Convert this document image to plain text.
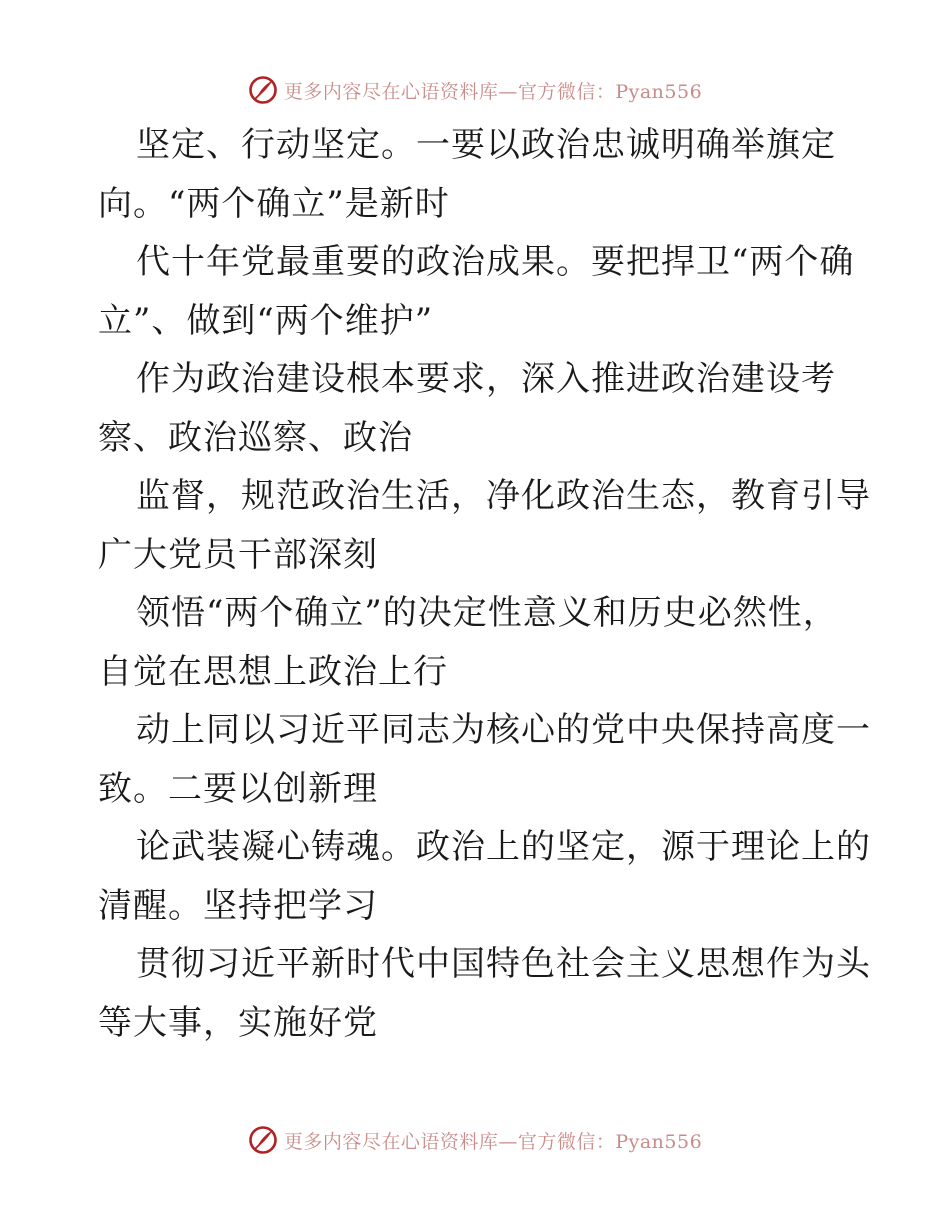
更多内容尽在心语资料库—官方微信：Pyan556
坚定、行动坚定。一要以政治忠诚明确举旗定
向。“两个确立”是新时
代十年党最重要的政治成果。要把捍卫“两个确
立”、做到“两个维护”
作为政治建设根本要求，深入推进政治建设考
察、政治巡察、政治
监督，规范政治生活，净化政治生态，教育引导
广大党员干部深刻
领悟“两个确立”的决定性意义和历史必然性，
自觉在思想上政治上行
动上同以习近平同志为核心的党中央保持高度一
致。二要以创新理
论武装凝心铸魂。政治上的坚定，源于理论上的
清醒。坚持把学习
贯彻习近平新时代中国特色社会主义思想作为头
等大事，实施好党
更多内容尽在心语资料库—官方微信：Pyan556
